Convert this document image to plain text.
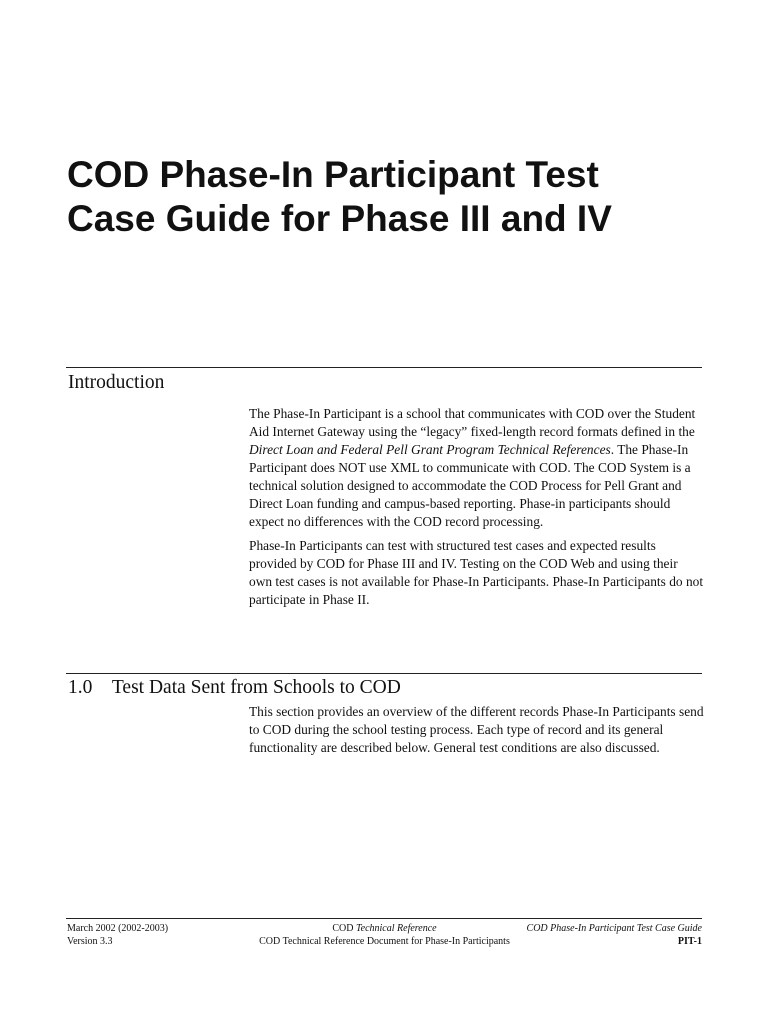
COD Phase-In Participant Test
Case Guide for Phase III and IV
Introduction

The Phase-In Participant is a school that communicates with COD over the Student Aid Internet Gateway using the “legacy” fixed-length record formats defined in the Direct Loan and Federal Pell Grant Program Technical References. The Phase-In Participant does NOT use XML to communicate with COD. The COD System is a technical solution designed to accommodate the COD Process for Pell Grant and Direct Loan funding and campus-based reporting. Phase-in participants should expect no differences with the COD record processing.

Phase-In Participants can test with structured test cases and expected results provided by COD for Phase III and IV. Testing on the COD Web and using their own test cases is not available for Phase-In Participants. Phase-In Participants do not participate in Phase II.

1.0 Test Data Sent from Schools to COD

This section provides an overview of the different records Phase-In Participants send to COD during the school testing process. Each type of record and its general functionality are described below. General test conditions are also discussed.

March 2002 (2002-2003)	COD Technical Reference	COD Phase-In Participant Test Case Guide
Version 3.3	COD Technical Reference Document for Phase-In Participants	PIT-1
